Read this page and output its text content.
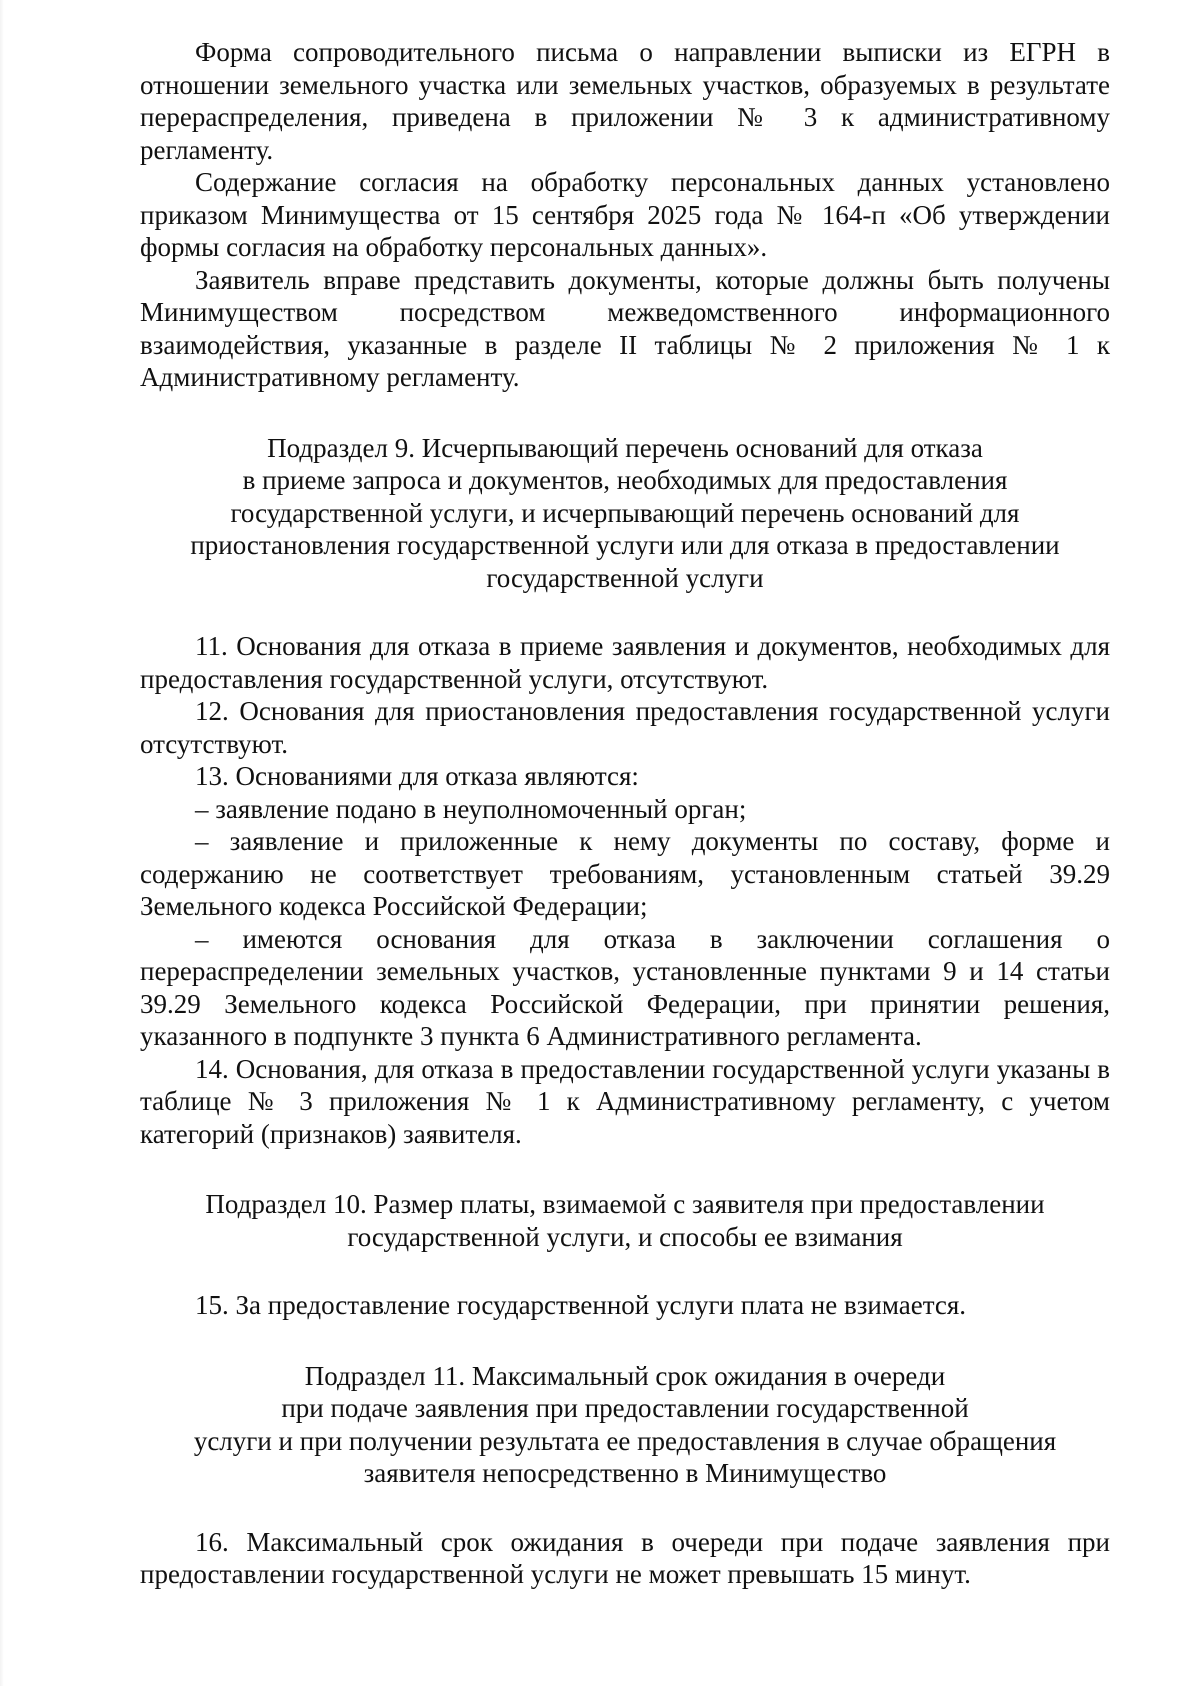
Форма сопроводительного письма о направлении выписки из ЕГРН в отношении земельного участка или земельных участков, образуемых в результате перераспределения, приведена в приложении № 3 к административному регламенту.

Содержание согласия на обработку персональных данных установлено приказом Минимущества от 15 сентября 2025 года № 164-п «Об утверждении формы согласия на обработку персональных данных».

Заявитель вправе представить документы, которые должны быть получены Минимуществом посредством межведомственного информационного взаимодействия, указанные в разделе II таблицы № 2 приложения № 1 к Административному регламенту.

Подраздел 9. Исчерпывающий перечень оснований для отказа
в приеме запроса и документов, необходимых для предоставления
государственной услуги, и исчерпывающий перечень оснований для
приостановления государственной услуги или для отказа в предоставлении
государственной услуги

11. Основания для отказа в приеме заявления и документов, необходимых для предоставления государственной услуги, отсутствуют.

12. Основания для приостановления предоставления государственной услуги отсутствуют.

13. Основаниями для отказа являются:

– заявление подано в неуполномоченный орган;

– заявление и приложенные к нему документы по составу, форме и содержанию не соответствует требованиям, установленным статьей 39.29 Земельного кодекса Российской Федерации;

– имеются основания для отказа в заключении соглашения о перераспределении земельных участков, установленные пунктами 9 и 14 статьи 39.29 Земельного кодекса Российской Федерации, при принятии решения, указанного в подпункте 3 пункта 6 Административного регламента.

14. Основания, для отказа в предоставлении государственной услуги указаны в таблице № 3 приложения № 1 к Административному регламенту, с учетом категорий (признаков) заявителя.

Подраздел 10. Размер платы, взимаемой с заявителя при предоставлении
государственной услуги, и способы ее взимания

15. За предоставление государственной услуги плата не взимается.

Подраздел 11. Максимальный срок ожидания в очереди
при подаче заявления при предоставлении государственной
услуги и при получении результата ее предоставления в случае обращения
заявителя непосредственно в Минимущество

16. Максимальный срок ожидания в очереди при подаче заявления при предоставлении государственной услуги не может превышать 15 минут.
